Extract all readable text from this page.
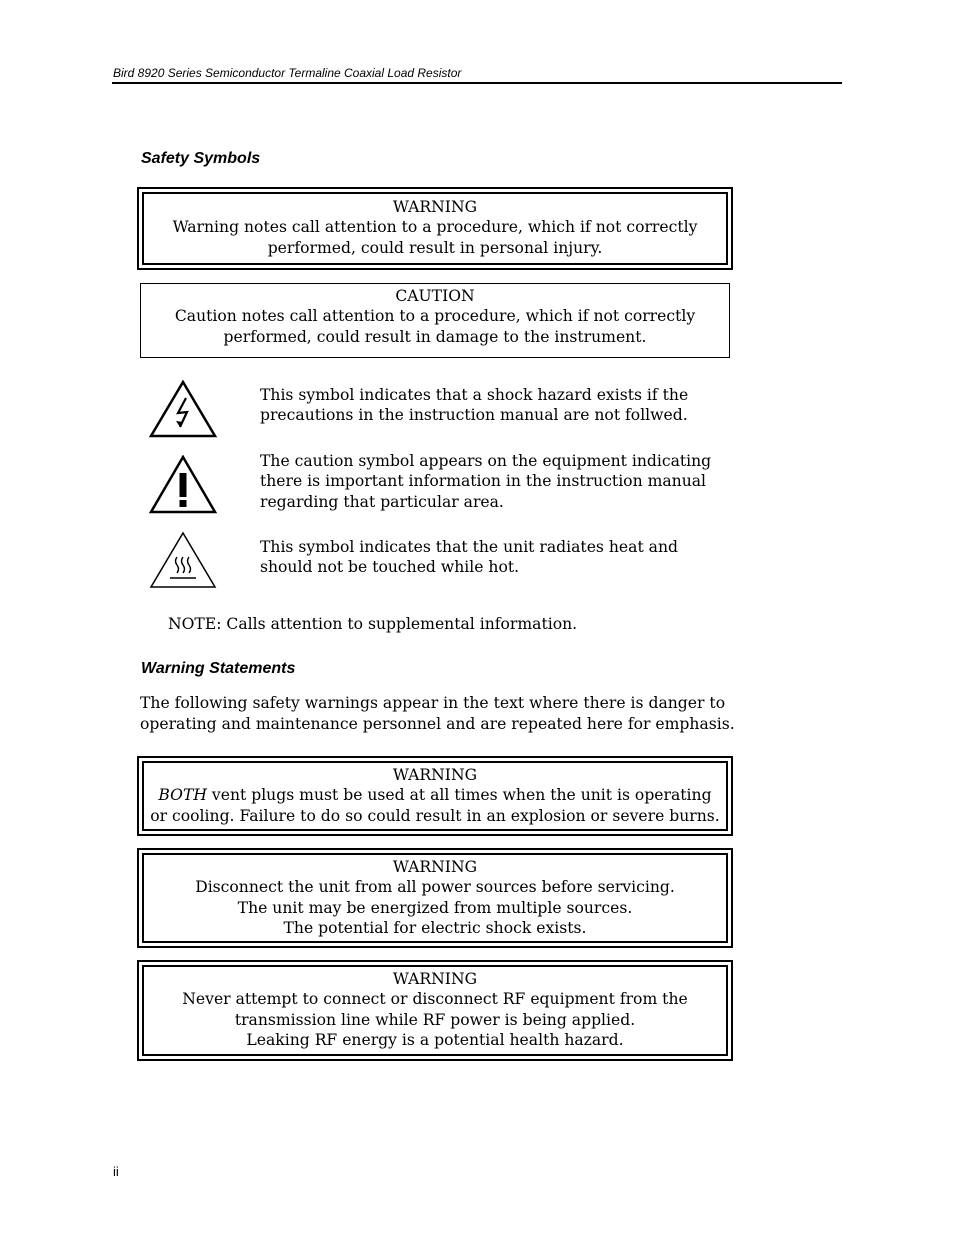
Bird 8920 Series Semiconductor Termaline Coaxial Load Resistor
Safety Symbols
WARNING
Warning notes call attention to a procedure, which if not correctly
performed, could result in personal injury.
CAUTION
Caution notes call attention to a procedure, which if not correctly
performed, could result in damage to the instrument.
This symbol indicates that a shock hazard exists if the
precautions in the instruction manual are not follwed.
The caution symbol appears on the equipment indicating
there is important information in the instruction manual
regarding that particular area.
This symbol indicates that the unit radiates heat and
should not be touched while hot.
NOTE: Calls attention to supplemental information.
Warning Statements
The following safety warnings appear in the text where there is danger to
operating and maintenance personnel and are repeated here for emphasis.
WARNING
BOTH vent plugs must be used at all times when the unit is operating
or cooling. Failure to do so could result in an explosion or severe burns.
WARNING
Disconnect the unit from all power sources before servicing.
The unit may be energized from multiple sources.
The potential for electric shock exists.
WARNING
Never attempt to connect or disconnect RF equipment from the
transmission line while RF power is being applied.
Leaking RF energy is a potential health hazard.
ii
